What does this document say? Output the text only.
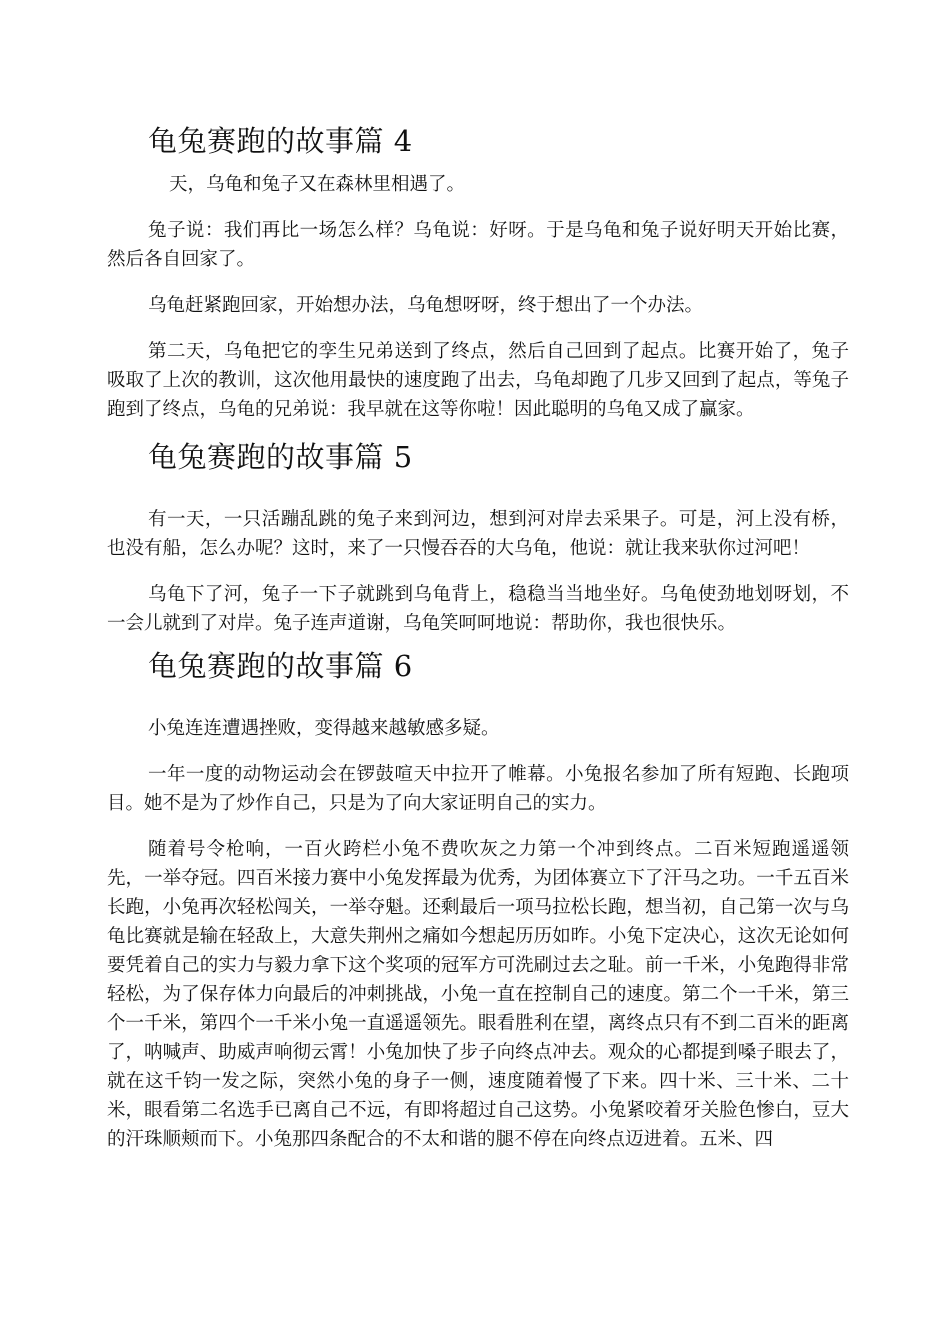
龟兔赛跑的故事篇 4

天，乌龟和兔子又在森林里相遇了。

兔子说：我们再比一场怎么样？乌龟说：好呀。于是乌龟和兔子说好明天开始比赛，然后各自回家了。

乌龟赶紧跑回家，开始想办法，乌龟想呀呀，终于想出了一个办法。

第二天，乌龟把它的孪生兄弟送到了终点，然后自己回到了起点。比赛开始了，兔子吸取了上次的教训，这次他用最快的速度跑了出去，乌龟却跑了几步又回到了起点，等兔子跑到了终点，乌龟的兄弟说：我早就在这等你啦！因此聪明的乌龟又成了赢家。

龟兔赛跑的故事篇 5

有一天，一只活蹦乱跳的兔子来到河边，想到河对岸去采果子。可是，河上没有桥，也没有船，怎么办呢？这时，来了一只慢吞吞的大乌龟，他说：就让我来驮你过河吧！

乌龟下了河，兔子一下子就跳到乌龟背上，稳稳当当地坐好。乌龟使劲地划呀划，不一会儿就到了对岸。兔子连声道谢，乌龟笑呵呵地说：帮助你，我也很快乐。

龟兔赛跑的故事篇 6

小兔连连遭遇挫败，变得越来越敏感多疑。

一年一度的动物运动会在锣鼓喧天中拉开了帷幕。小兔报名参加了所有短跑、长跑项目。她不是为了炒作自己，只是为了向大家证明自己的实力。

随着号令枪响，一百火跨栏小兔不费吹灰之力第一个冲到终点。二百米短跑遥遥领先，一举夺冠。四百米接力赛中小兔发挥最为优秀，为团体赛立下了汗马之功。一千五百米长跑，小兔再次轻松闯关，一举夺魁。还剩最后一项马拉松长跑，想当初，自己第一次与乌龟比赛就是输在轻敌上，大意失荆州之痛如今想起历历如昨。小兔下定决心，这次无论如何要凭着自己的实力与毅力拿下这个奖项的冠军方可洗刷过去之耻。前一千米，小兔跑得非常轻松，为了保存体力向最后的冲刺挑战，小兔一直在控制自己的速度。第二个一千米，第三个一千米，第四个一千米小兔一直遥遥领先。眼看胜利在望，离终点只有不到二百米的距离了，呐喊声、助威声响彻云霄！小兔加快了步子向终点冲去。观众的心都提到嗓子眼去了，就在这千钧一发之际，突然小兔的身子一侧，速度随着慢了下来。四十米、三十米、二十米，眼看第二名选手已离自己不远，有即将超过自己这势。小兔紧咬着牙关脸色惨白，豆大的汗珠顺颊而下。小兔那四条配合的不太和谐的腿不停在向终点迈进着。五米、四
